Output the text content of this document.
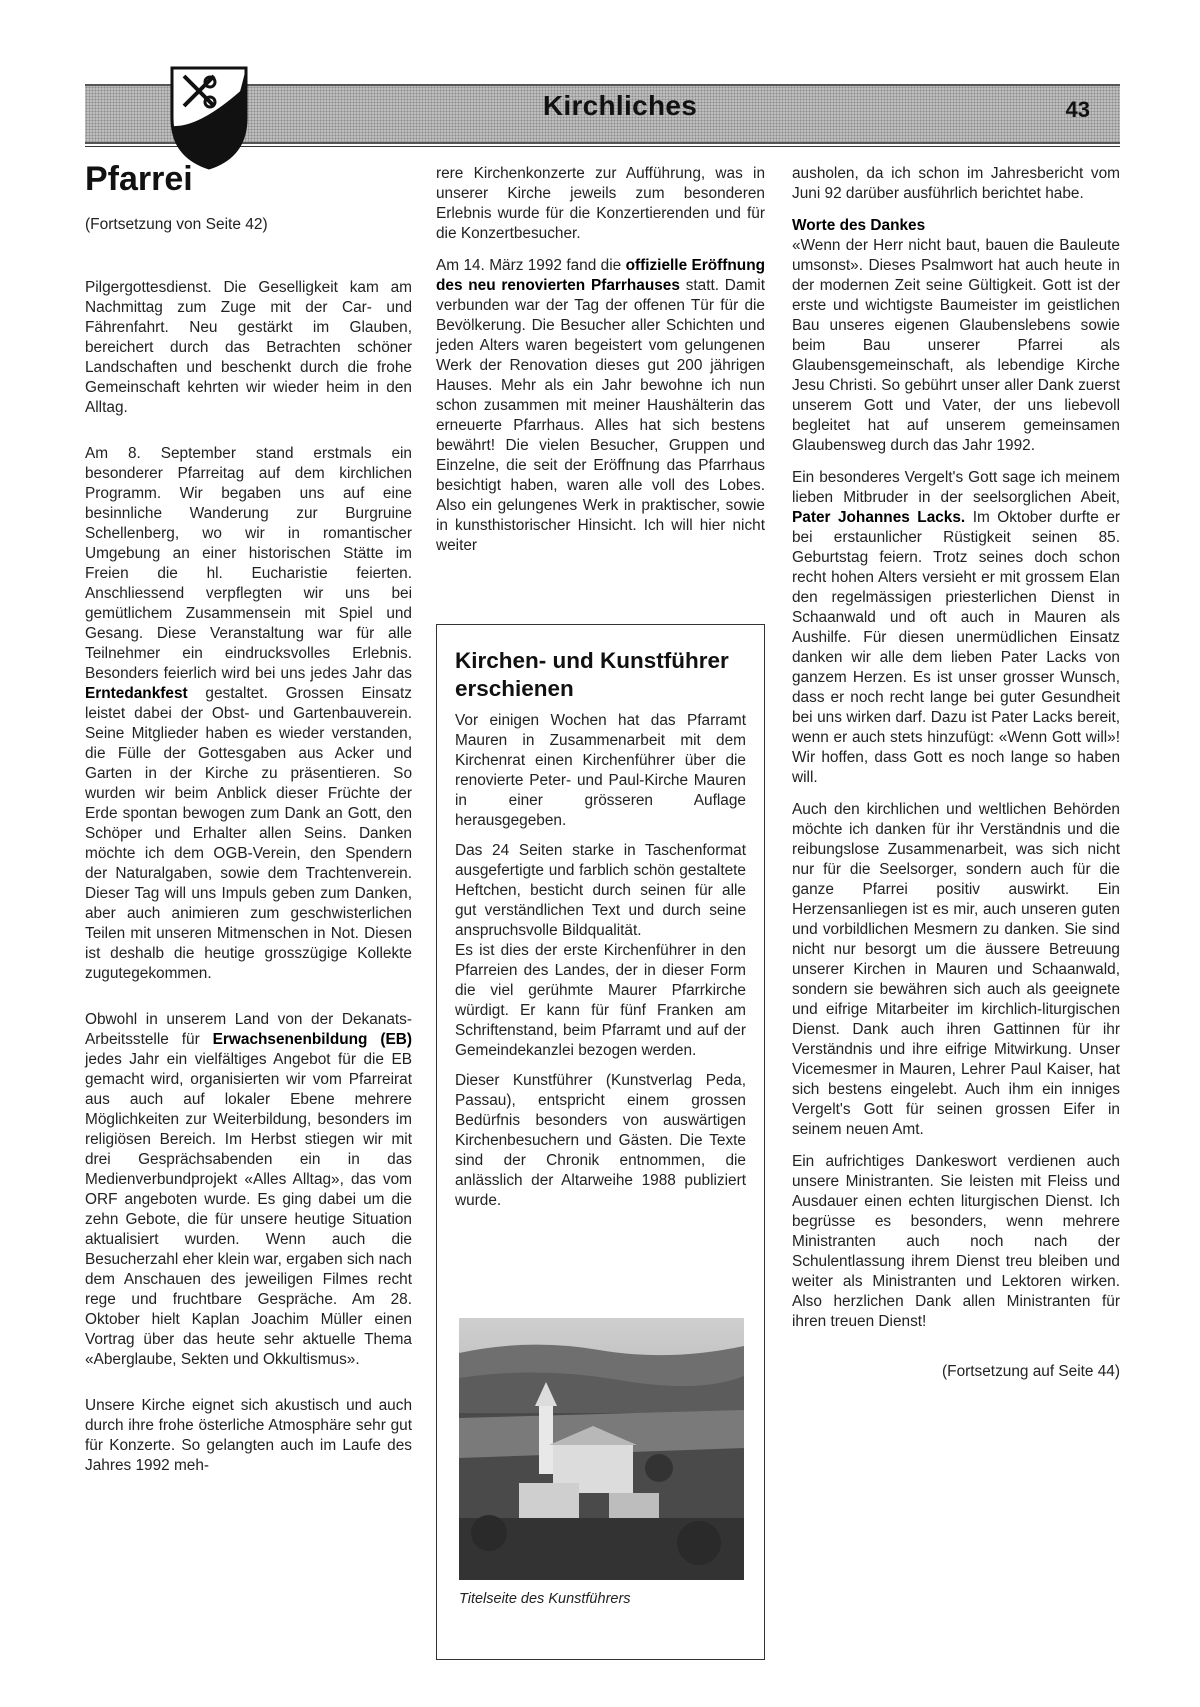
Kirchliches	43
Pfarrei
(Fortsetzung von Seite 42)

Pilgergottesdienst. Die Geselligkeit kam am Nachmittag zum Zuge mit der Car- und Fährenfahrt. Neu gestärkt im Glauben, bereichert durch das Betrachten schöner Landschaften und beschenkt durch die frohe Gemeinschaft kehrten wir wieder heim in den Alltag.

Am 8. September stand erstmals ein besonderer Pfarreitag auf dem kirchlichen Programm. Wir begaben uns auf eine besinnliche Wanderung zur Burgruine Schellenberg, wo wir in romantischer Umgebung an einer historischen Stätte im Freien die hl. Eucharistie feierten. Anschliessend verpflegten wir uns bei gemütlichem Zusammensein mit Spiel und Gesang. Diese Veranstaltung war für alle Teilnehmer ein eindrucksvolles Erlebnis. Besonders feierlich wird bei uns jedes Jahr das Erntedankfest gestaltet. Grossen Einsatz leistet dabei der Obst- und Gartenbauverein. Seine Mitglieder haben es wieder verstanden, die Fülle der Gottesgaben aus Acker und Garten in der Kirche zu präsentieren. So wurden wir beim Anblick dieser Früchte der Erde spontan bewogen zum Dank an Gott, den Schöper und Erhalter allen Seins. Danken möchte ich dem OGB-Verein, den Spendern der Naturalgaben, sowie dem Trachtenverein. Dieser Tag will uns Impuls geben zum Danken, aber auch animieren zum geschwisterlichen Teilen mit unseren Mitmenschen in Not. Diesen ist deshalb die heutige grosszügige Kollekte zugutegekommen.

Obwohl in unserem Land von der Dekanats-Arbeitsstelle für Erwachsenenbildung (EB) jedes Jahr ein vielfältiges Angebot für die EB gemacht wird, organisierten wir vom Pfarreirat aus auch auf lokaler Ebene mehrere Möglichkeiten zur Weiterbildung, besonders im religiösen Bereich. Im Herbst stiegen wir mit drei Gesprächsabenden ein in das Medienverbundprojekt «Alles Alltag», das vom ORF angeboten wurde. Es ging dabei um die zehn Gebote, die für unsere heutige Situation aktualisiert wurden. Wenn auch die Besucherzahl eher klein war, ergaben sich nach dem Anschauen des jeweiligen Filmes recht rege und fruchtbare Gespräche. Am 28. Oktober hielt Kaplan Joachim Müller einen Vortrag über das heute sehr aktuelle Thema «Aberglaube, Sekten und Okkultismus».

Unsere Kirche eignet sich akustisch und auch durch ihre frohe österliche Atmosphäre sehr gut für Konzerte. So gelangten auch im Laufe des Jahres 1992 meh-

rere Kirchenkonzerte zur Aufführung, was in unserer Kirche jeweils zum besonderen Erlebnis wurde für die Konzertierenden und für die Konzertbesucher.

Am 14. März 1992 fand die offizielle Eröffnung des neu renovierten Pfarrhauses statt. Damit verbunden war der Tag der offenen Tür für die Bevölkerung. Die Besucher aller Schichten und jeden Alters waren begeistert vom gelungenen Werk der Renovation dieses gut 200 jährigen Hauses. Mehr als ein Jahr bewohne ich nun schon zusammen mit meiner Haushälterin das erneuerte Pfarrhaus. Alles hat sich bestens bewährt! Die vielen Besucher, Gruppen und Einzelne, die seit der Eröffnung das Pfarrhaus besichtigt haben, waren alle voll des Lobes. Also ein gelungenes Werk in praktischer, sowie in kunsthistorischer Hinsicht. Ich will hier nicht weiter

Kirchen- und Kunstführer erschienen

Vor einigen Wochen hat das Pfarramt Mauren in Zusammenarbeit mit dem Kirchenrat einen Kirchenführer über die renovierte Peter- und Paul-Kirche Mauren in einer grösseren Auflage herausgegeben.

Das 24 Seiten starke in Taschenformat ausgefertigte und farblich schön gestaltete Heftchen, besticht durch seinen für alle gut verständlichen Text und durch seine anspruchsvolle Bildqualität.

Es ist dies der erste Kirchenführer in den Pfarreien des Landes, der in dieser Form die viel gerühmte Maurer Pfarrkirche würdigt. Er kann für fünf Franken am Schriftenstand, beim Pfarramt und auf der Gemeindekanzlei bezogen werden.

Dieser Kunstführer (Kunstverlag Peda, Passau), entspricht einem grossen Bedürfnis besonders von auswärtigen Kirchenbesuchern und Gästen. Die Texte sind der Chronik entnommen, die anlässlich der Altarweihe 1988 publiziert wurde.

Titelseite des Kunstführers

ausholen, da ich schon im Jahresbericht vom Juni 92 darüber ausführlich berichtet habe.

Worte des Dankes

«Wenn der Herr nicht baut, bauen die Bauleute umsonst». Dieses Psalmwort hat auch heute in der modernen Zeit seine Gültigkeit. Gott ist der erste und wichtigste Baumeister im geistlichen Bau unseres eigenen Glaubenslebens sowie beim Bau unserer Pfarrei als Glaubensgemeinschaft, als lebendige Kirche Jesu Christi. So gebührt unser aller Dank zuerst unserem Gott und Vater, der uns liebevoll begleitet hat auf unserem gemeinsamen Glaubensweg durch das Jahr 1992.

Ein besonderes Vergelt's Gott sage ich meinem lieben Mitbruder in der seelsorglichen Abeit, Pater Johannes Lacks. Im Oktober durfte er bei erstaunlicher Rüstigkeit seinen 85. Geburtstag feiern. Trotz seines doch schon recht hohen Alters versieht er mit grossem Elan den regelmässigen priesterlichen Dienst in Schaanwald und oft auch in Mauren als Aushilfe. Für diesen unermüdlichen Einsatz danken wir alle dem lieben Pater Lacks von ganzem Herzen. Es ist unser grosser Wunsch, dass er noch recht lange bei guter Gesundheit bei uns wirken darf. Dazu ist Pater Lacks bereit, wenn er auch stets hinzufügt: «Wenn Gott will»! Wir hoffen, dass Gott es noch lange so haben will.

Auch den kirchlichen und weltlichen Behörden möchte ich danken für ihr Verständnis und die reibungslose Zusammenarbeit, was sich nicht nur für die Seelsorger, sondern auch für die ganze Pfarrei positiv auswirkt. Ein Herzensanliegen ist es mir, auch unseren guten und vorbildlichen Mesmern zu danken. Sie sind nicht nur besorgt um die äussere Betreuung unserer Kirchen in Mauren und Schaanwald, sondern sie bewähren sich auch als geeignete und eifrige Mitarbeiter im kirchlich-liturgischen Dienst. Dank auch ihren Gattinnen für ihr Verständnis und ihre eifrige Mitwirkung. Unser Vicemesmer in Mauren, Lehrer Paul Kaiser, hat sich bestens eingelebt. Auch ihm ein inniges Vergelt's Gott für seinen grossen Eifer in seinem neuen Amt.

Ein aufrichtiges Dankeswort verdienen auch unsere Ministranten. Sie leisten mit Fleiss und Ausdauer einen echten liturgischen Dienst. Ich begrüsse es besonders, wenn mehrere Ministranten auch noch nach der Schulentlassung ihrem Dienst treu bleiben und weiter als Ministranten und Lektoren wirken. Also herzlichen Dank allen Ministranten für ihren treuen Dienst!

(Fortsetzung auf Seite 44)
